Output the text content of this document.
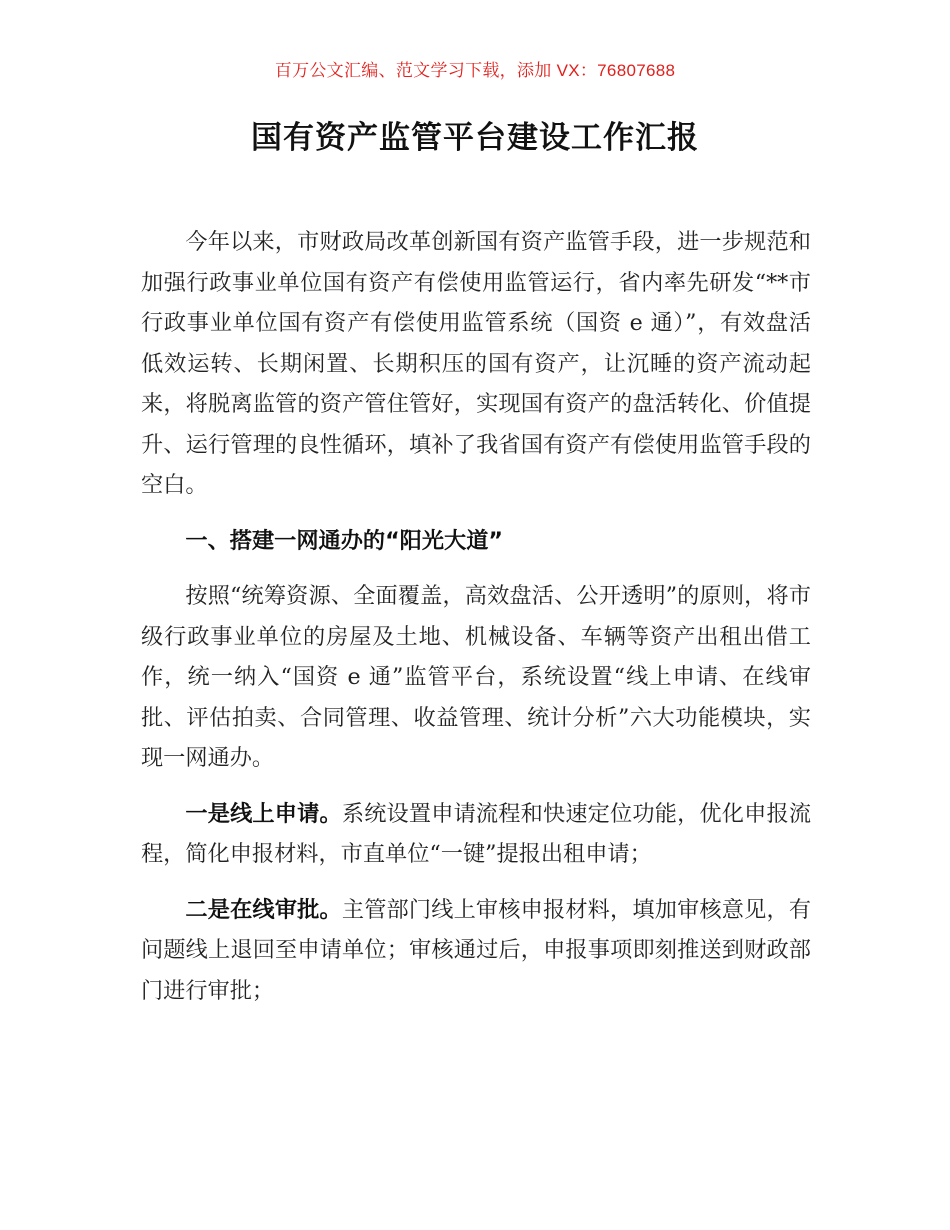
百万公文汇编、范文学习下载，添加 VX：76807688
国有资产监管平台建设工作汇报

今年以来，市财政局改革创新国有资产监管手段，进一步规范和加强行政事业单位国有资产有偿使用监管运行，省内率先研发“**市行政事业单位国有资产有偿使用监管系统（国资 e 通）”，有效盘活低效运转、长期闲置、长期积压的国有资产，让沉睡的资产流动起来，将脱离监管的资产管住管好，实现国有资产的盘活转化、价值提升、运行管理的良性循环，填补了我省国有资产有偿使用监管手段的空白。

一、搭建一网通办的“阳光大道”

按照“统筹资源、全面覆盖，高效盘活、公开透明”的原则，将市级行政事业单位的房屋及土地、机械设备、车辆等资产出租出借工作，统一纳入“国资 e 通”监管平台，系统设置“线上申请、在线审批、评估拍卖、合同管理、收益管理、统计分析”六大功能模块，实现一网通办。

一是线上申请。系统设置申请流程和快速定位功能，优化申报流程，简化申报材料，市直单位“一键”提报出租申请；

二是在线审批。主管部门线上审核申报材料，填加审核意见，有问题线上退回至申请单位；审核通过后，申报事项即刻推送到财政部门进行审批；
